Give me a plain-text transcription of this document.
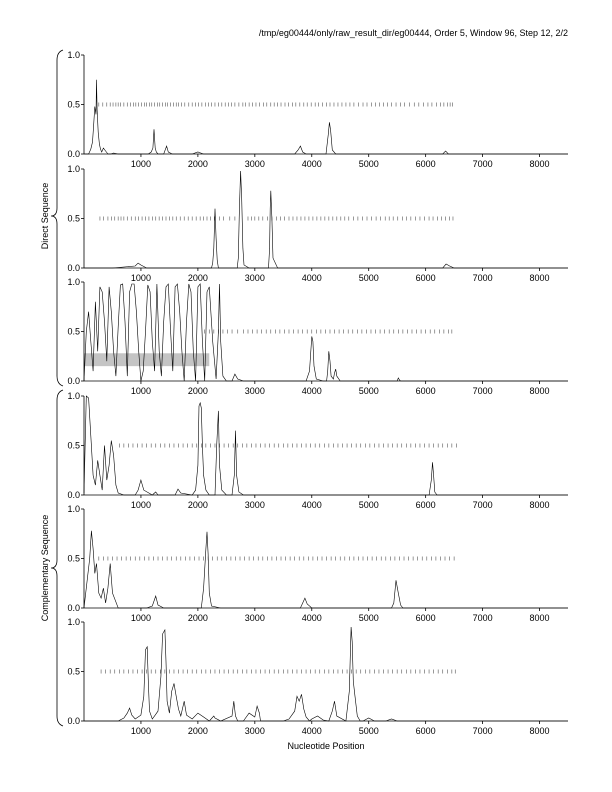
/tmp/eg00444/only/raw_result_dir/eg00444, Order 5, Window 96, Step 12, 2/2
Direct Sequence
Complementary Sequence
0.0
0.5
1.0
1000	2000	3000	4000	5000	6000	7000	8000
0.0
0.5
1.0
1000	2000	3000	4000	5000	6000	7000	8000
0.0
0.5
1.0
1000	2000	3000	4000	5000	6000	7000	8000
0.0
0.5
1.0
1000	2000	3000	4000	5000	6000	7000	8000
0.0
0.5
1.0
1000	2000	3000	4000	5000	6000	7000	8000
0.0
0.5
1.0
1000	2000	3000	4000	5000	6000	7000	8000
Nucleotide Position
